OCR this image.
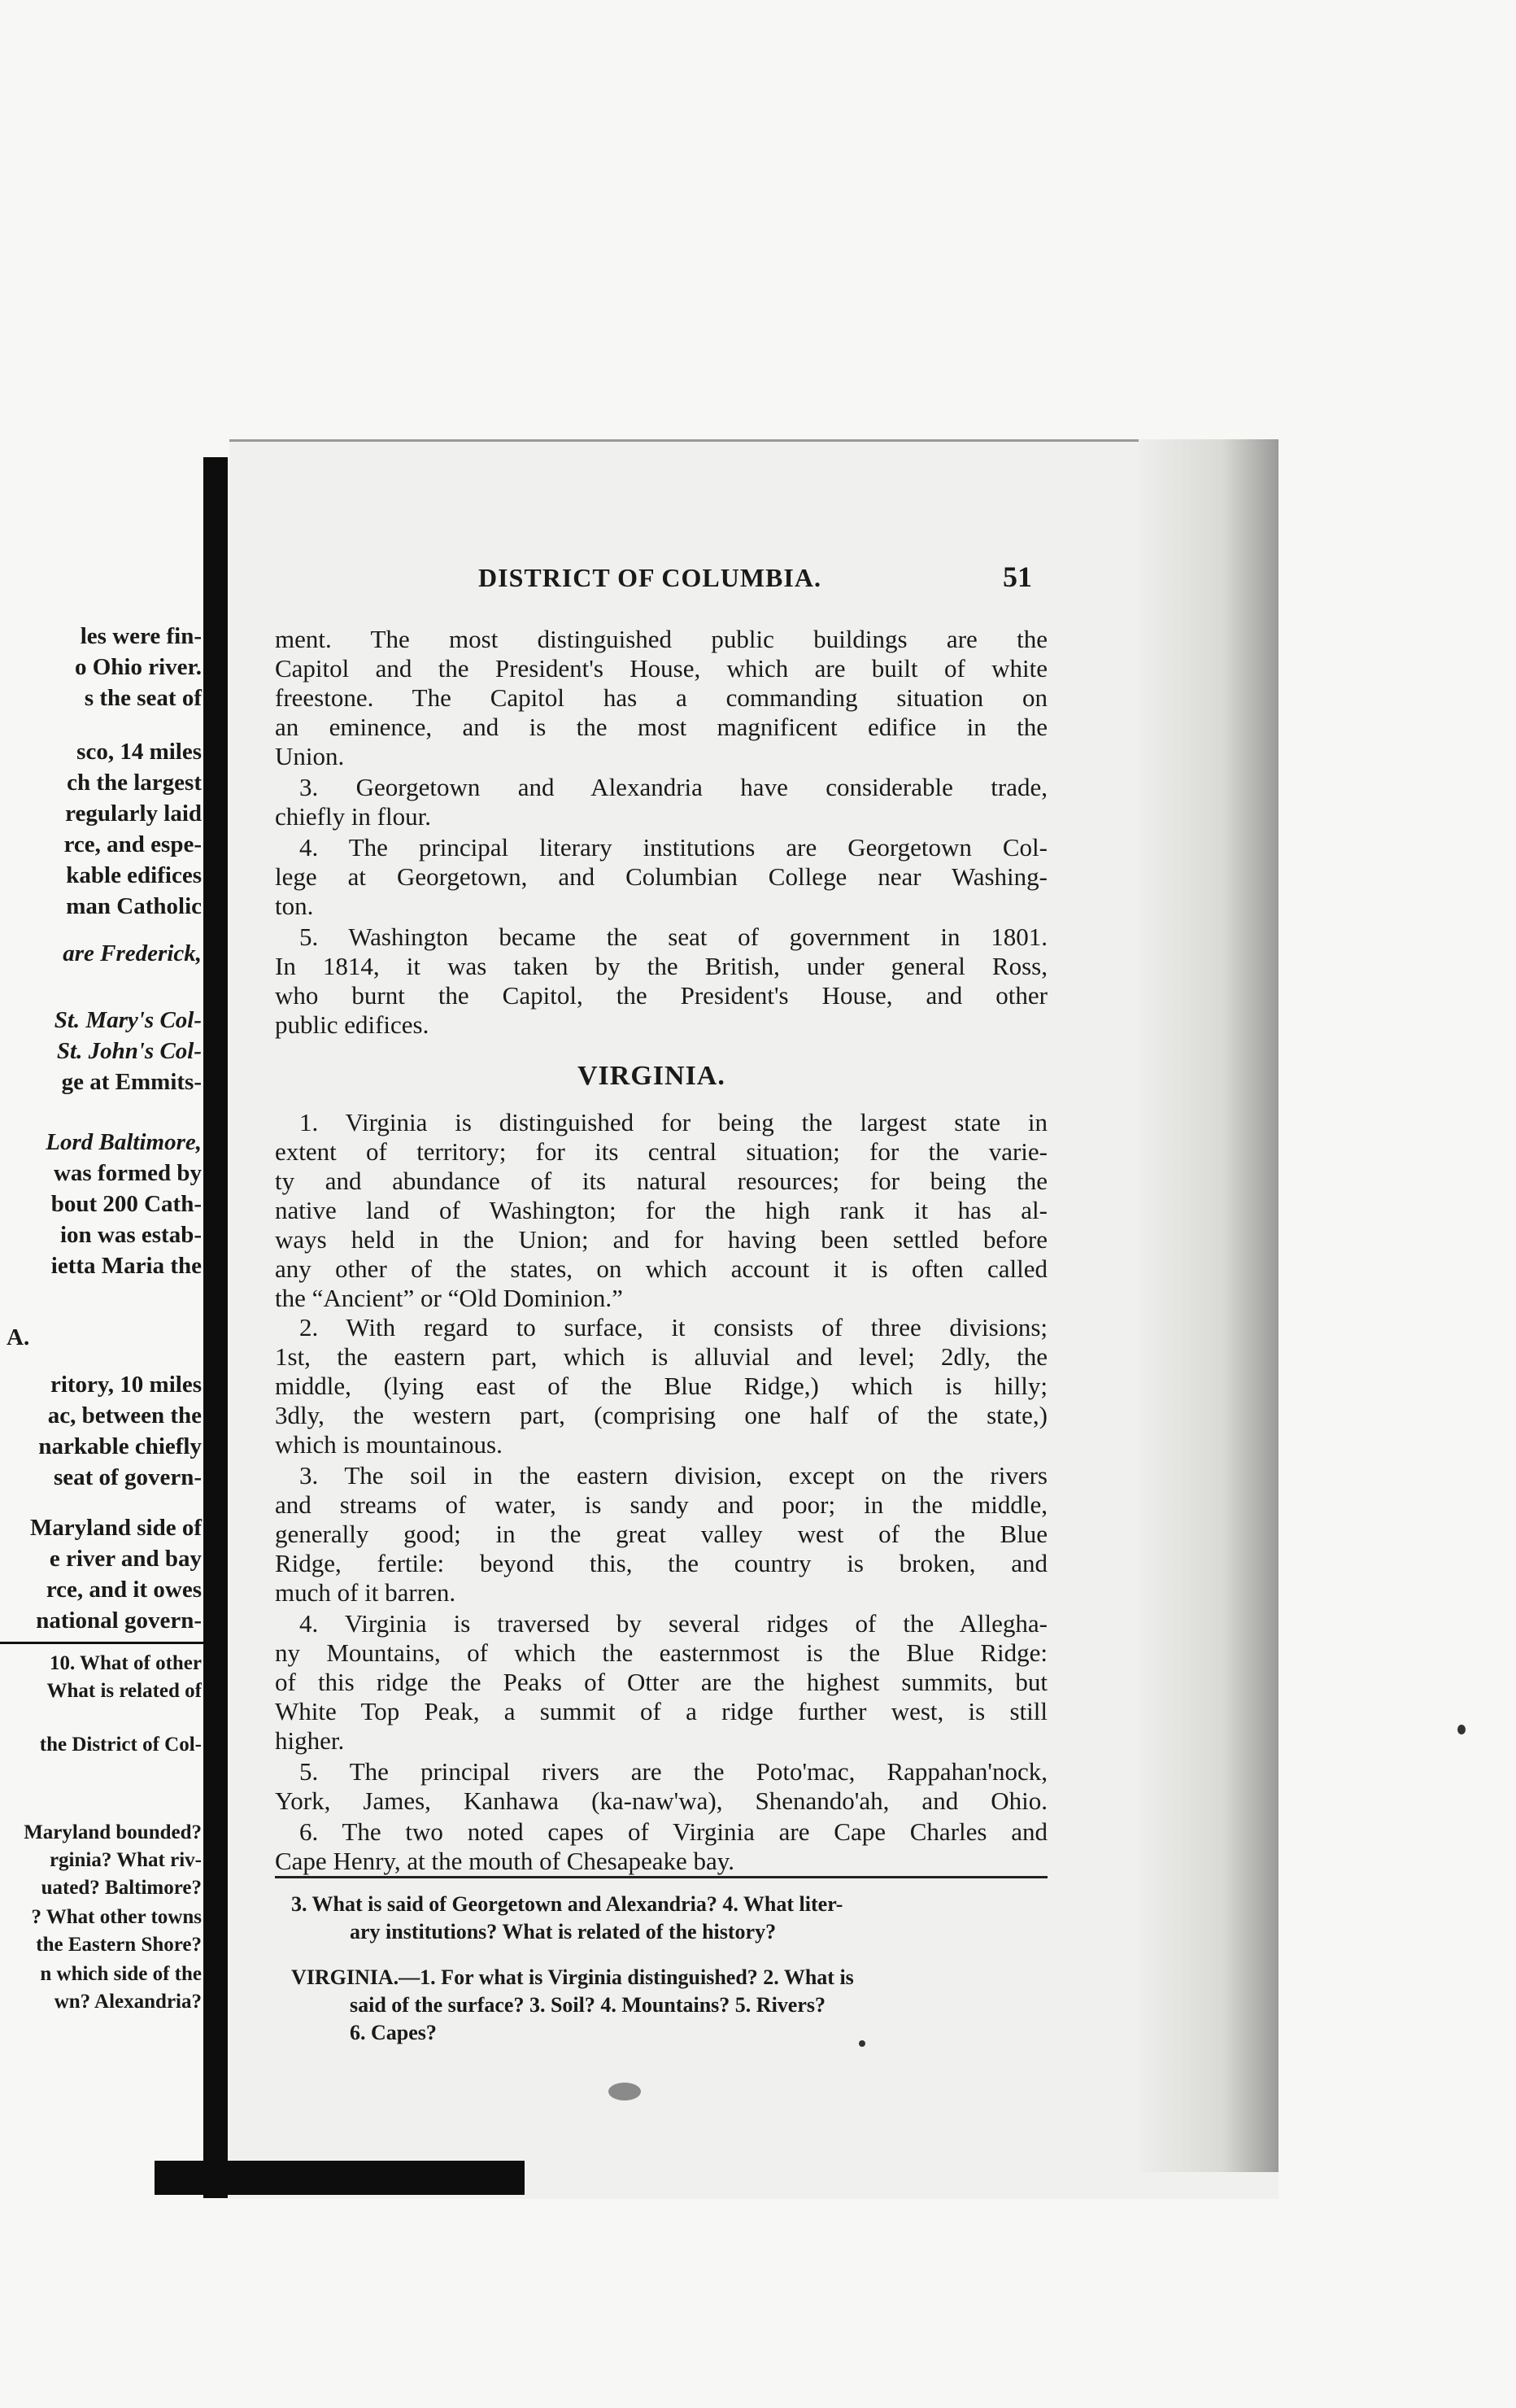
les were fin-
o Ohio river.
s the seat of
sco, 14 miles
ch the largest
regularly laid
rce, and espe-
kable edifices
man Catholic
are Frederick,
St. Mary's Col-
St. John's Col-
ge at Emmits-
Lord Baltimore,
was formed by
bout 200 Cath-
ion was estab-
ietta Maria the
A.
ritory, 10 miles
ac, between the
narkable chiefly
seat of govern-
Maryland side of
e river and bay
rce, and it owes
national govern-
10. What of other
What is related of
the District of Col-
Maryland bounded?
rginia? What riv-
uated? Baltimore?
? What other towns
the Eastern Shore?
n which side of the
wn? Alexandria?
DISTRICT OF COLUMBIA.	51
ment. The most distinguished public buildings are the
Capitol and the President's House, which are built of white
freestone. The Capitol has a commanding situation on
an eminence, and is the most magnificent edifice in the
Union.
3. Georgetown and Alexandria have considerable trade,
chiefly in flour.
4. The principal literary institutions are Georgetown Col-
lege at Georgetown, and Columbian College near Washing-
ton.
5. Washington became the seat of government in 1801.
In 1814, it was taken by the British, under general Ross,
who burnt the Capitol, the President's House, and other
public edifices.
VIRGINIA.
1. Virginia is distinguished for being the largest state in
extent of territory; for its central situation; for the varie-
ty and abundance of its natural resources; for being the
native land of Washington; for the high rank it has al-
ways held in the Union; and for having been settled before
any other of the states, on which account it is often called
the “Ancient” or “Old Dominion.”
2. With regard to surface, it consists of three divisions;
1st, the eastern part, which is alluvial and level; 2dly, the
middle, (lying east of the Blue Ridge,) which is hilly;
3dly, the western part, (comprising one half of the state,)
which is mountainous.
3. The soil in the eastern division, except on the rivers
and streams of water, is sandy and poor; in the middle,
generally good; in the great valley west of the Blue
Ridge, fertile: beyond this, the country is broken, and
much of it barren.
4. Virginia is traversed by several ridges of the Allegha-
ny Mountains, of which the easternmost is the Blue Ridge:
of this ridge the Peaks of Otter are the highest summits, but
White Top Peak, a summit of a ridge further west, is still
higher.
5. The principal rivers are the Poto'mac, Rappahan'nock,
York, James, Kanhawa (ka-naw'wa), Shenando'ah, and Ohio.
6. The two noted capes of Virginia are Cape Charles and
Cape Henry, at the mouth of Chesapeake bay.
3. What is said of Georgetown and Alexandria? 4. What liter-
ary institutions? What is related of the history?
VIRGINIA.—1. For what is Virginia distinguished? 2. What is
said of the surface? 3. Soil? 4. Mountains? 5. Rivers?
6. Capes?
